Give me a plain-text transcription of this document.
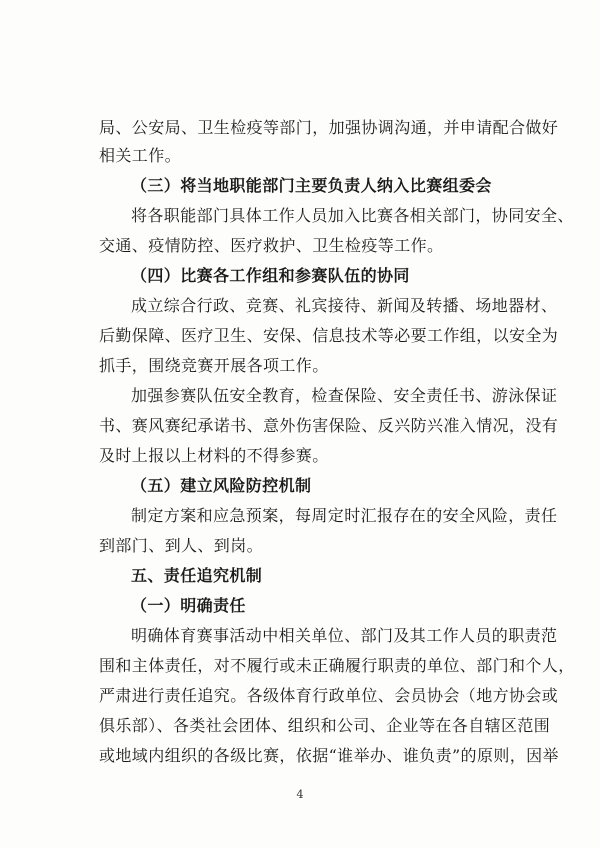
局、公安局、卫生检疫等部门，加强协调沟通，并申请配合做好
相关工作。
（三）将当地职能部门主要负责人纳入比赛组委会
将各职能部门具体工作人员加入比赛各相关部门，协同安全、
交通、疫情防控、医疗救护、卫生检疫等工作。
（四）比赛各工作组和参赛队伍的协同
成立综合行政、竞赛、礼宾接待、新闻及转播、场地器材、
后勤保障、医疗卫生、安保、信息技术等必要工作组，以安全为
抓手，围绕竞赛开展各项工作。
加强参赛队伍安全教育，检查保险、安全责任书、游泳保证
书、赛风赛纪承诺书、意外伤害保险、反兴防兴准入情况，没有
及时上报以上材料的不得参赛。
（五）建立风险防控机制
制定方案和应急预案，每周定时汇报存在的安全风险，责任
到部门、到人、到岗。
五、责任追究机制
（一）明确责任
明确体育赛事活动中相关单位、部门及其工作人员的职责范
围和主体责任，对不履行或未正确履行职责的单位、部门和个人，
严肃进行责任追究。各级体育行政单位、会员协会（地方协会或
俱乐部）、各类社会团体、组织和公司、企业等在各自辖区范围
或地域内组织的各级比赛，依据“谁举办、谁负责”的原则，因举
4
